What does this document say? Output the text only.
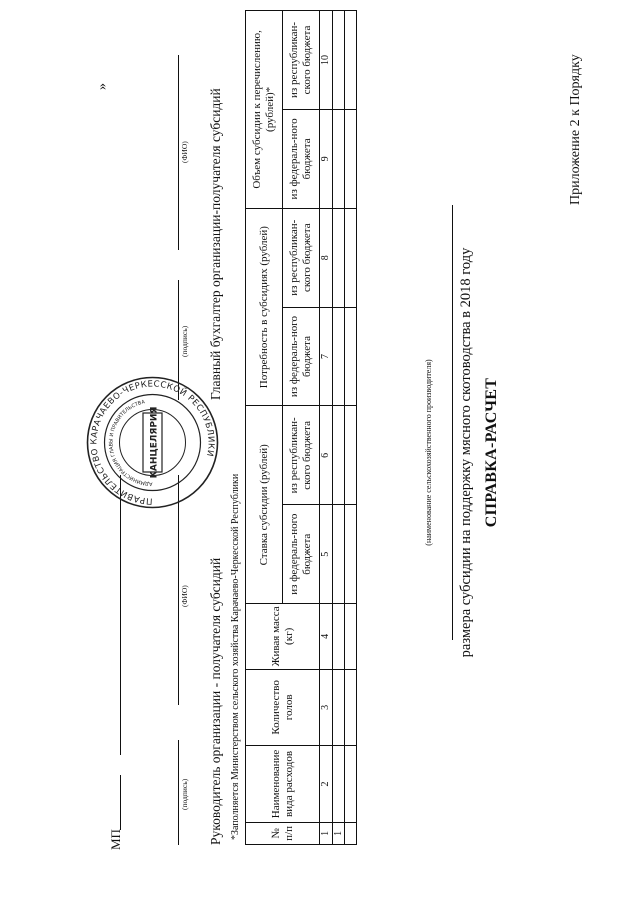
Приложение 2 к Порядку
СПРАВКА-РАСЧЕТ
размера субсидии на поддержку мясного скотоводства в 2018 году
(наименование сельскохозяйственного производителя)
№ п/п	Наименование вида расходов	Количество голов	Живая масса (кг)	Ставка субсидии (рублей)		Потребность в субсидиях (рублей)		Объем субсидии к перечислению, (рублей)*	
				из федераль-ного бюджета	из республикан-ского бюджета	из федераль-ного бюджета	из республикан-ского бюджета	из федераль-ного бюджета	из республикан-ского бюджета
1	2	3	4	5	6	7	8	9	10
1									

*Заполняется Министерством сельского хозяйства Карачаево-Черкесской Республики
Руководитель организации - получателя субсидий
Главный бухгалтер организации-получателя субсидий
(подпись)
(ФИО)
(подпись)
(ФИО)
МП
»
ПРАВИТЕЛЬСТВО КАРАЧАЕВО-ЧЕРКЕССКОЙ РЕСПУБЛИКИ
АДМИНИСТРАЦИЯ ГЛАВЫ И ПРАВИТЕЛЬСТВА
КАНЦЕЛЯРИЯ
